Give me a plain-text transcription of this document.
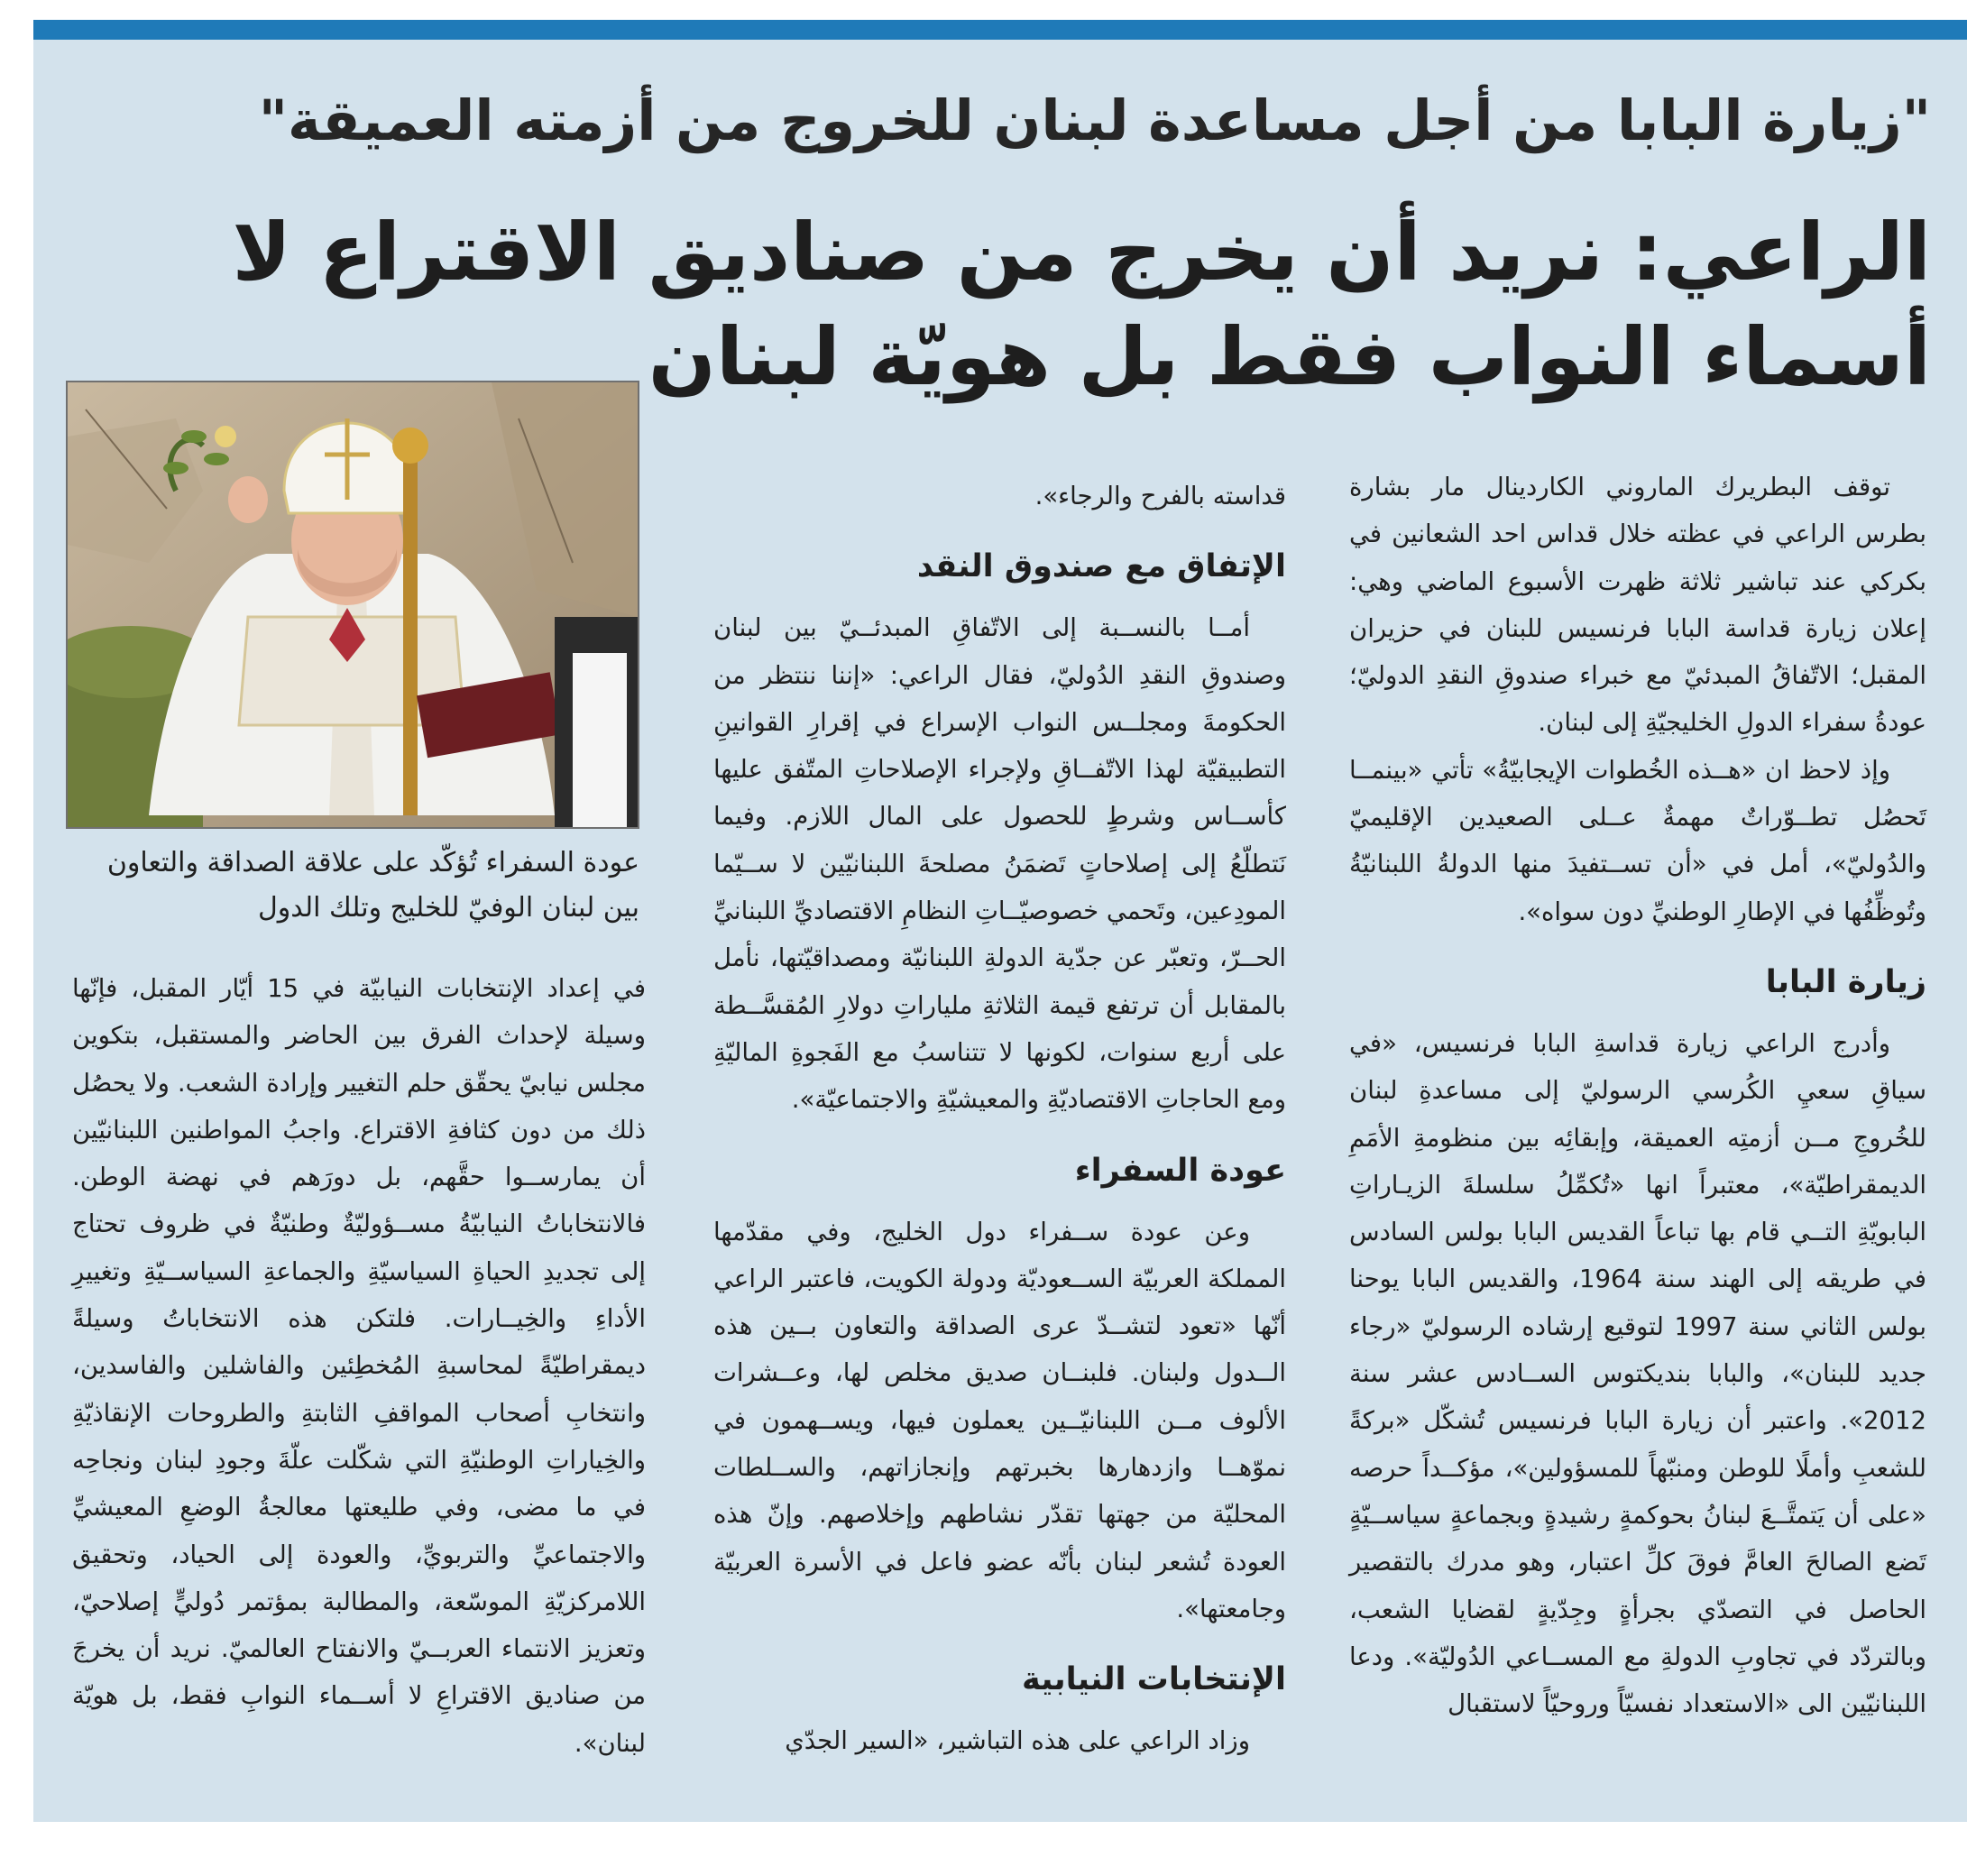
"زيارة البابا من أجل مساعدة لبنان للخروج من أزمته العميقة"
الراعي: نريد أن يخرج من صناديق الاقتراع لا أسماء النواب فقط بل هويّة لبنان

توقف البطريرك الماروني الكاردينال مار بشارة بطرس الراعي في عظته خلال قداس احد الشعانين في بكركي عند تباشير ثلاثة ظهرت الأسبوع الماضي وهي: إعلان زيارة قداسة البابا فرنسيس للبنان في حزيران المقبل؛ الاتّفاقُ المبدئيّ مع خبراء صندوقِ النقدِ الدوليّ؛ عودةُ سفراء الدولِ الخليجيّةِ إلى لبنان.

وإذ لاحظ ان «هــذه الخُطوات الإيجابيّةُ» تأتي «بينمــا تَحصُل تطــوّراتٌ مهمةٌ عــلى الصعيدين الإقليميّ والدُوليّ»، أمل في «أن تســتفيدَ منها الدولةُ اللبنانيّةُ وتُوظِّفُها في الإطارِ الوطنيِّ دون سواه».

زيارة البابا

وأدرج الراعي زيارة قداسةِ البابا فرنسيس، «في سياقِ سعيِ الكُرسي الرسوليّ إلى مساعدةِ لبنان للخُروجِ مــن أزمتِه العميقة، وإبقائِه بين منظومةِ الأمَمِ الديمقراطيّة»، معتبراً انها «تُكمِّلُ سلسلةَ الزيـاراتِ البابويّةِ التــي قام بها تباعاً القديس البابا بولس السادس في طريقه إلى الهند سنة 1964، والقديس البابا يوحنا بولس الثاني سنة 1997 لتوقيع إرشاده الرسوليّ «رجاء جديد للبنان»، والبابا بنديكتوس الســادس عشر سنة 2012». واعتبر أن زيارة البابا فرنسيس تُشكّل «بركةً للشعبِ وأملًا للوطن ومنبّهاً للمسؤولين»، مؤكــداً حرصه «على أن يَتمتَّــعَ لبنانُ بحوكمةٍ رشيدةٍ وبجماعةٍ سياســيّةٍ تَضع الصالحَ العامَّ فوقَ كلِّ اعتبار، وهو مدرك بالتقصير الحاصل في التصدّي بجرأةٍ وجِدّيةٍ لقضايا الشعب، وبالتردّد في تجاوبِ الدولةِ مع المســاعي الدُوليّة». ودعا اللبنانيّين الى «الاستعداد نفسيّاً وروحيّاً لاستقبال

قداسته بالفرح والرجاء».

الإتفاق مع صندوق النقد

أمــا بالنســبة إلى الاتّفاقِ المبدئــيّ بين لبنان وصندوقِ النقدِ الدُوليّ، فقال الراعي: «إننا ننتظر من الحكومةَ ومجلــس النواب الإسراع في إقرارِ القوانينِ التطبيقيّة لهذا الاتّفــاقِ ولإجراء الإصلاحاتِ المتّفق عليها كأســاس وشرطٍ للحصول على المال اللازم. وفيما نَتطلّعُ إلى إصلاحاتٍ تَضمَنُ مصلحةَ اللبنانيّين لا ســيّما المودِعين، وتَحمي خصوصيّــاتِ النظامِ الاقتصاديِّ اللبنانيِّ الحــرّ، وتعبّر عن جدّية الدولةِ اللبنانيّة ومصداقيّتها، نأمل بالمقابل أن ترتفع قيمة الثلاثةِ ملياراتِ دولارِ المُقسَّــطة على أربع سنوات، لكونها لا تتناسبُ مع الفَجوةِ الماليّةِ ومع الحاجاتِ الاقتصاديّةِ والمعيشيّةِ والاجتماعيّة».

عودة السفراء

وعن عودة ســفراء دول الخليج، وفي مقدّمها المملكة العربيّة الســعوديّة ودولة الكويت، فاعتبر الراعي أنّها «تعود لتشــدّ عرى الصداقة والتعاون بــين هذه الــدول ولبنان. فلبنــان صديق مخلص لها، وعــشرات الألوف مــن اللبنانيّــين يعملون فيها، ويســهمون في نموّهــا وازدهارها بخبرتهم وإنجازاتهم، والســلطات المحليّة من جهتها تقدّر نشاطهم وإخلاصهم. وإنّ هذه العودة تُشعر لبنان بأنّه عضو فاعل في الأسرة العربيّة وجامعتها».

الإنتخابات النيابية

وزاد الراعي على هذه التباشير، «السير الجدّي

عودة السفراء تُؤكّد على علاقة الصداقة والتعاون بين لبنان الوفيّ للخليج وتلك الدول

في إعداد الإنتخابات النيابيّة في 15 أيّار المقبل، فإنّها وسيلة لإحداث الفرق بين الحاضر والمستقبل، بتكوين مجلس نيابيّ يحقّق حلم التغيير وإرادة الشعب. ولا يحصُل ذلك من دون كثافةِ الاقتراع. واجبُ المواطنين اللبنانيّين أن يمارســوا حقَّهم، بل دورَهم في نهضة الوطن. فالانتخاباتُ النيابيّةُ مســؤوليّةٌ وطنيّةٌ في ظروف تحتاج إلى تجديدِ الحياةِ السياسيّةِ والجماعةِ السياســيّةِ وتغييرِ الأداءِ والخِيــارات. فلتكن هذه الانتخاباتُ وسيلةً ديمقراطيّةً لمحاسبةِ المُخطِئين والفاشلين والفاسدين، وانتخابِ أصحاب المواقفِ الثابتةِ والطروحات الإنقاذيّةِ والخِياراتِ الوطنيّةِ التي شكّلت علّةَ وجودِ لبنان ونجاحِه في ما مضى، وفي طليعتها معالجةُ الوضعِ المعيشيِّ والاجتماعيِّ والتربويِّ، والعودة إلى الحياد، وتحقيق اللامركزيّةِ الموسّعة، والمطالبة بمؤتمر دُوليٍّ إصلاحيّ، وتعزيز الانتماء العربــيّ والانفتاح العالميّ. نريد أن يخرجَ من صناديق الاقتراعِ لا أســماء النوابِ فقط، بل هويّة لبنان».
